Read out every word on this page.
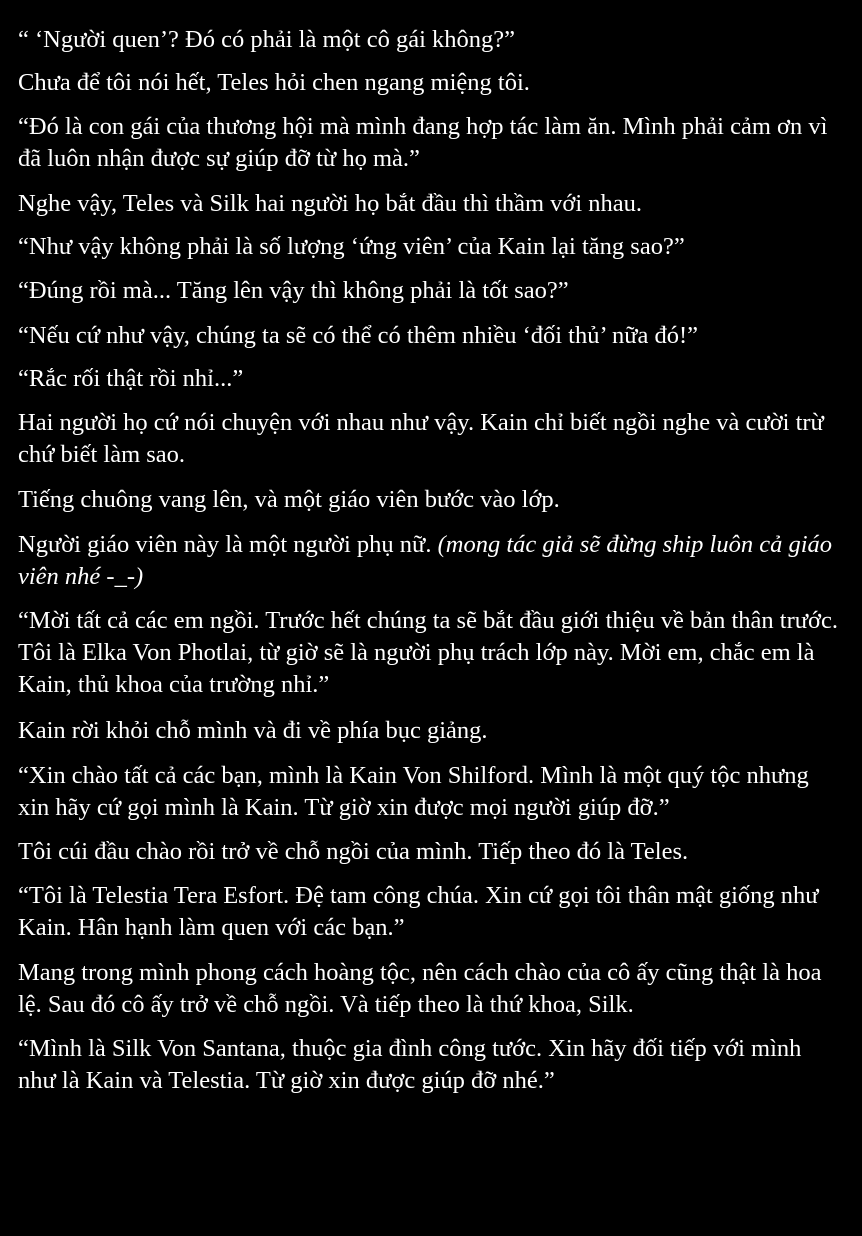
“ ‘Người quen’? Đó có phải là một cô gái không?”

Chưa để tôi nói hết, Teles hỏi chen ngang miệng tôi.

“Đó là con gái của thương hội mà mình đang hợp tác làm ăn. Mình phải cảm ơn vì đã luôn nhận được sự giúp đỡ từ họ mà.”

Nghe vậy, Teles và Silk hai người họ bắt đầu thì thầm với nhau.

“Như vậy không phải là số lượng ‘ứng viên’ của Kain lại tăng sao?”

“Đúng rồi mà... Tăng lên vậy thì không phải là tốt sao?”

“Nếu cứ như vậy, chúng ta sẽ có thể có thêm nhiều ‘đối thủ’ nữa đó!”

“Rắc rối thật rồi nhỉ...”

Hai người họ cứ nói chuyện với nhau như vậy. Kain chỉ biết ngồi nghe và cười trừ chứ biết làm sao.

Tiếng chuông vang lên, và một giáo viên bước vào lớp.

Người giáo viên này là một người phụ nữ. (mong tác giả sẽ đừng ship luôn cả giáo viên nhé -_-)

“Mời tất cả các em ngồi. Trước hết chúng ta sẽ bắt đầu giới thiệu về bản thân trước. Tôi là Elka Von Photlai, từ giờ sẽ là người phụ trách lớp này. Mời em, chắc em là Kain, thủ khoa của trường nhỉ.”

Kain rời khỏi chỗ mình và đi về phía bục giảng.

“Xin chào tất cả các bạn, mình là Kain Von Shilford. Mình là một quý tộc nhưng xin hãy cứ gọi mình là Kain. Từ giờ xin được mọi người giúp đỡ.”

Tôi cúi đầu chào rồi trở về chỗ ngồi của mình. Tiếp theo đó là Teles.

“Tôi là Telestia Tera Esfort. Đệ tam công chúa. Xin cứ gọi tôi thân mật giống như Kain. Hân hạnh làm quen với các bạn.”

Mang trong mình phong cách hoàng tộc, nên cách chào của cô ấy cũng thật là hoa lệ. Sau đó cô ấy trở về chỗ ngồi. Và tiếp theo là thứ khoa, Silk.

“Mình là Silk Von Santana, thuộc gia đình công tước. Xin hãy đối tiếp với mình như là Kain và Telestia. Từ giờ xin được giúp đỡ nhé.”
